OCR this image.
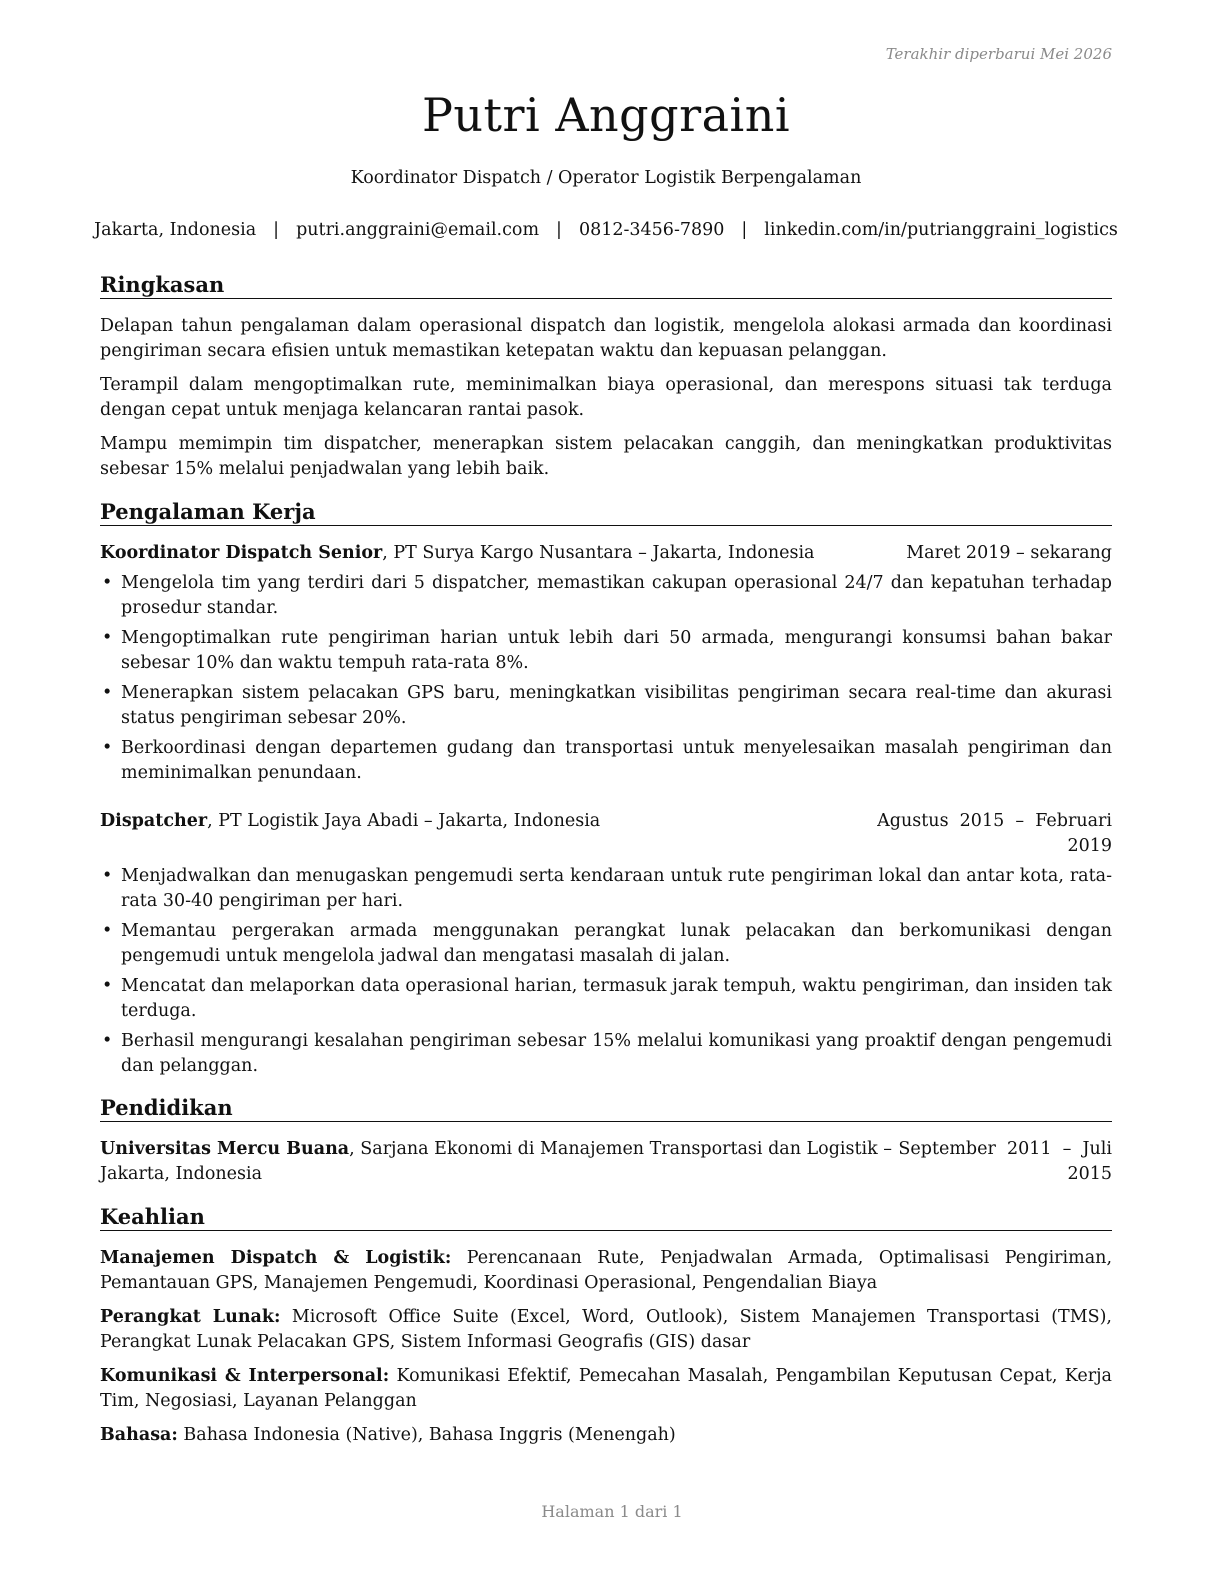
Terakhir diperbarui Mei 2026
Putri Anggraini
Koordinator Dispatch / Operator Logistik Berpengalaman
Jakarta, Indonesia | putri.anggraini@email.com | 0812-3456-7890 | linkedin.com/in/putrianggraini_logistics
Ringkasan

Delapan tahun pengalaman dalam operasional dispatch dan logistik, mengelola alokasi armada dan koordinasi pengiriman secara efisien untuk memastikan ketepatan waktu dan kepuasan pelanggan.

Terampil dalam mengoptimalkan rute, meminimalkan biaya operasional, dan merespons situasi tak terduga dengan cepat untuk menjaga kelancaran rantai pasok.

Mampu memimpin tim dispatcher, menerapkan sistem pelacakan canggih, dan meningkatkan produktivitas sebesar 15% melalui penjadwalan yang lebih baik.

Pengalaman Kerja
Koordinator Dispatch Senior, PT Surya Kargo Nusantara – Jakarta, Indonesia	Maret 2019 – sekarang
• Mengelola tim yang terdiri dari 5 dispatcher, memastikan cakupan operasional 24/7 dan kepatuhan terhadap prosedur standar.
• Mengoptimalkan rute pengiriman harian untuk lebih dari 50 armada, mengurangi konsumsi bahan bakar sebesar 10% dan waktu tempuh rata-rata 8%.
• Menerapkan sistem pelacakan GPS baru, meningkatkan visibilitas pengiriman secara real-time dan akurasi status pengiriman sebesar 20%.
• Berkoordinasi dengan departemen gudang dan transportasi untuk menyelesaikan masalah pengiriman dan meminimalkan penundaan.
Dispatcher, PT Logistik Jaya Abadi – Jakarta, Indonesia	Agustus  2015  –  Februari
2019
• Menjadwalkan dan menugaskan pengemudi serta kendaraan untuk rute pengiriman lokal dan antar kota, rata-rata 30-40 pengiriman per hari.
• Memantau pergerakan armada menggunakan perangkat lunak pelacakan dan berkomunikasi dengan pengemudi untuk mengelola jadwal dan mengatasi masalah di jalan.
• Mencatat dan melaporkan data operasional harian, termasuk jarak tempuh, waktu pengiriman, dan insiden tak terduga.
• Berhasil mengurangi kesalahan pengiriman sebesar 15% melalui komunikasi yang proaktif dengan pengemudi dan pelanggan.
Pendidikan
Universitas Mercu Buana, Sarjana Ekonomi di Manajemen Transportasi dan Logistik –
Jakarta, Indonesia
September  2011  –  Juli
2015
Keahlian

Manajemen Dispatch & Logistik: Perencanaan Rute, Penjadwalan Armada, Optimalisasi Pengiriman, Pemantauan GPS, Manajemen Pengemudi, Koordinasi Operasional, Pengendalian Biaya

Perangkat Lunak: Microsoft Office Suite (Excel, Word, Outlook), Sistem Manajemen Transportasi (TMS), Perangkat Lunak Pelacakan GPS, Sistem Informasi Geografis (GIS) dasar

Komunikasi & Interpersonal: Komunikasi Efektif, Pemecahan Masalah, Pengambilan Keputusan Cepat, Kerja Tim, Negosiasi, Layanan Pelanggan

Bahasa: Bahasa Indonesia (Native), Bahasa Inggris (Menengah)

Halaman 1 dari 1
